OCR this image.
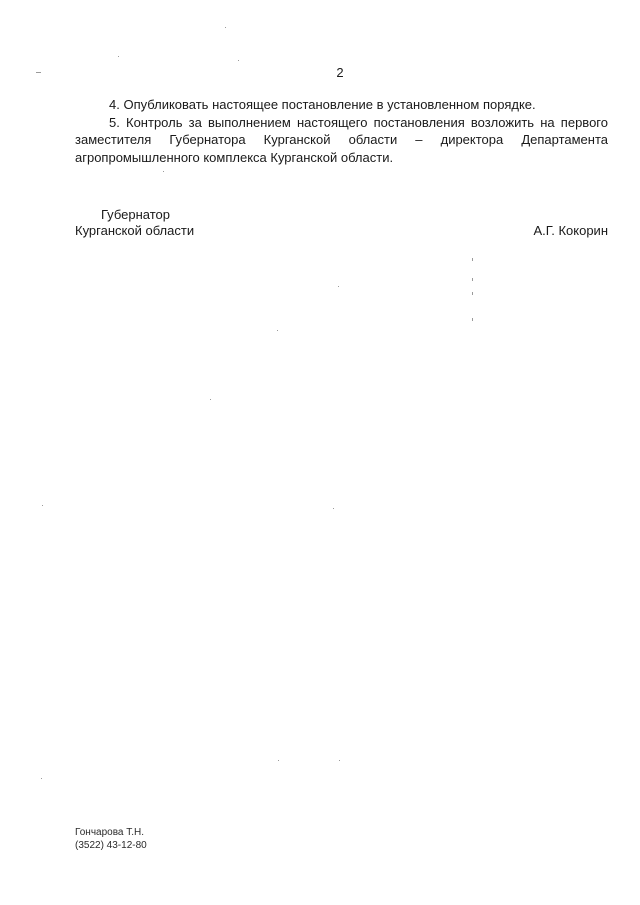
2

4. Опубликовать настоящее постановление в установленном порядке.

5. Контроль за выполнением настоящего постановления возложить на первого заместителя Губернатора Курганской области – директора Департамента агропромышленного комплекса Курганской области.

Губернатор
Курганской области	А.Г. Кокорин
Гончарова Т.Н.
(3522) 43-12-80
